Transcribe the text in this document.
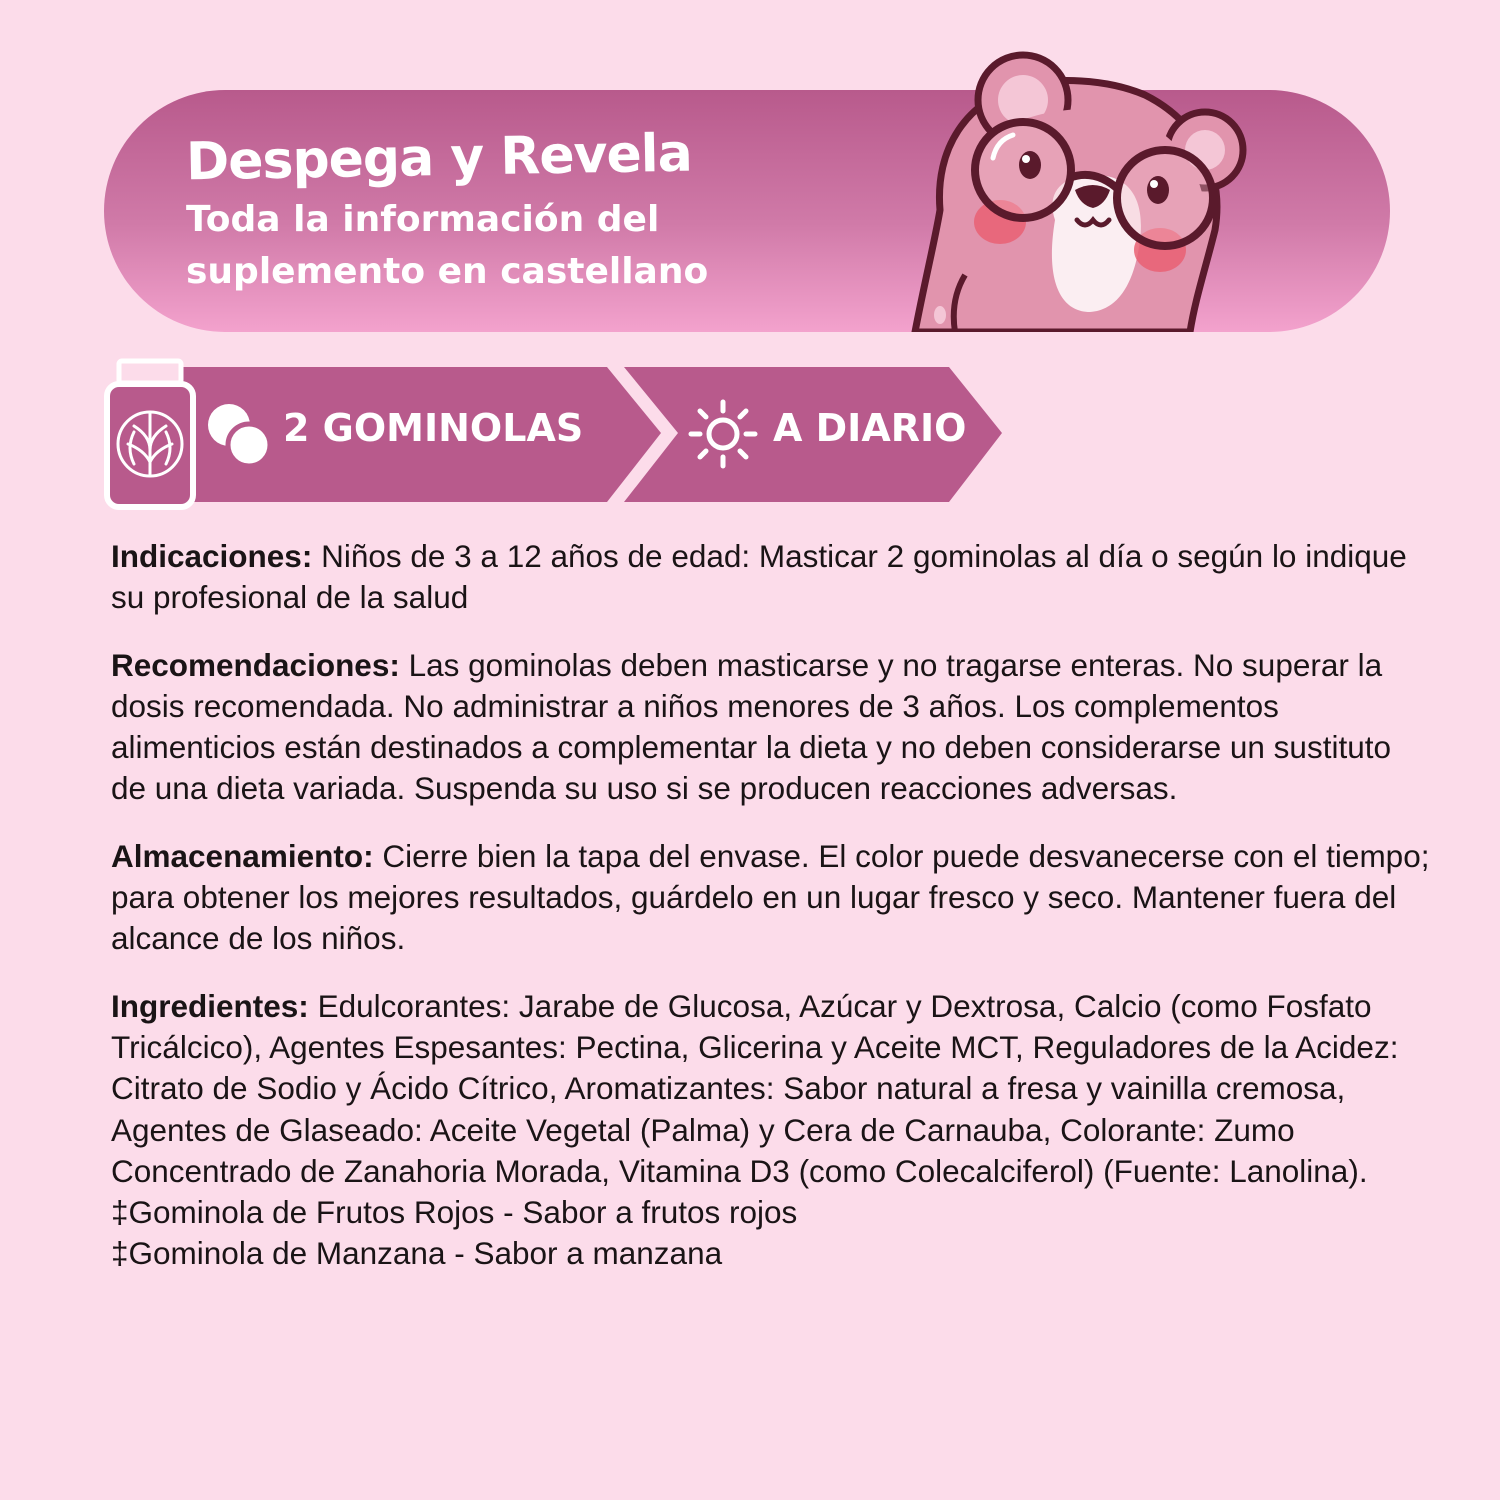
Despega y Revela
Toda la información del suplemento en castellano
2 GOMINOLAS	A DIARIO

Indicaciones: Niños de 3 a 12 años de edad: Masticar 2 gominolas al día o según lo indique su profesional de la salud

Recomendaciones: Las gominolas deben masticarse y no tragarse enteras. No superar la dosis recomendada. No administrar a niños menores de 3 años. Los complementos alimenticios están destinados a complementar la dieta y no deben considerarse un sustituto de una dieta variada. Suspenda su uso si se producen reacciones adversas.

Almacenamiento: Cierre bien la tapa del envase. El color puede desvanecerse con el tiempo; para obtener los mejores resultados, guárdelo en un lugar fresco y seco. Mantener fuera del alcance de los niños.

Ingredientes: Edulcorantes: Jarabe de Glucosa, Azúcar y Dextrosa, Calcio (como Fosfato Tricálcico), Agentes Espesantes: Pectina, Glicerina y Aceite MCT, Reguladores de la Acidez: Citrato de Sodio y Ácido Cítrico, Aromatizantes: Sabor natural a fresa y vainilla cremosa, Agentes de Glaseado: Aceite Vegetal (Palma) y Cera de Carnauba, Colorante: Zumo Concentrado de Zanahoria Morada, Vitamina D3 (como Colecalciferol) (Fuente: Lanolina).
‡Gominola de Frutos Rojos - Sabor a frutos rojos
‡Gominola de Manzana - Sabor a manzana
